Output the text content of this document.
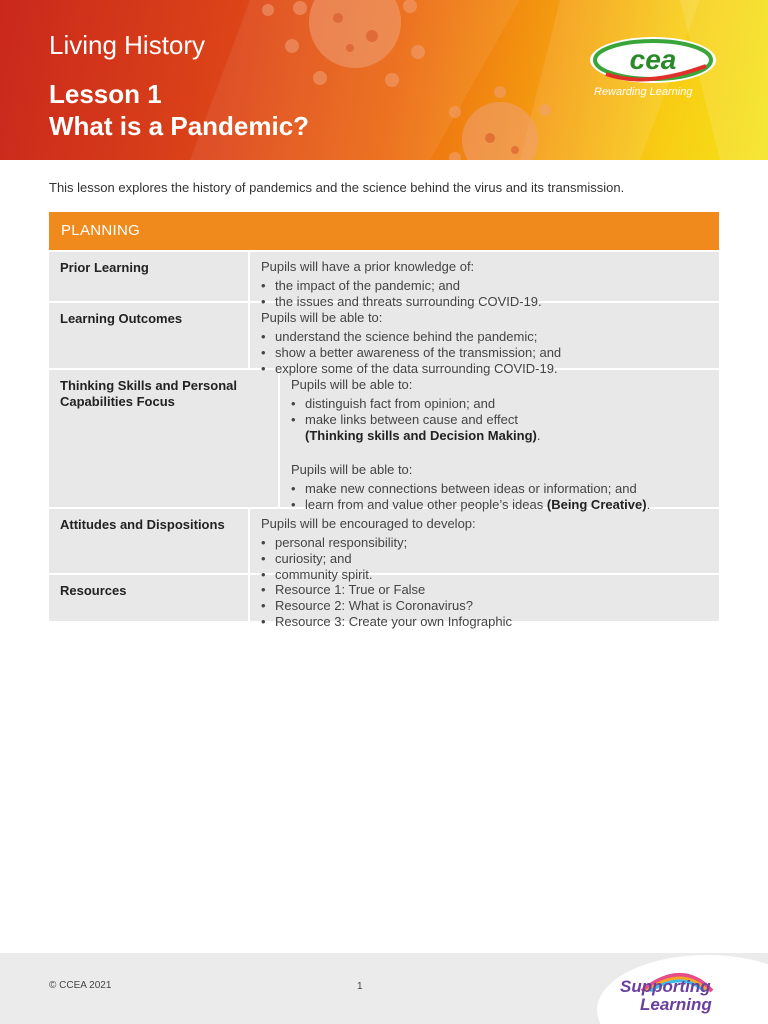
Living History
Lesson 1
What is a Pandemic?
cea
Rewarding Learning
This lesson explores the history of pandemics and the science behind the virus and its transmission.
PLANNING
Prior Learning	Pupils will have a prior knowledge of:
• the impact of the pandemic; and
• the issues and threats surrounding COVID-19.
Learning Outcomes	Pupils will be able to:
• understand the science behind the pandemic;
• show a better awareness of the transmission; and
• explore some of the data surrounding COVID-19.
Thinking Skills and Personal Capabilities Focus
Pupils will be able to:
• distinguish fact from opinion; and
• make links between cause and effect
(Thinking skills and Decision Making).
Pupils will be able to:
• make new connections between ideas or information; and
• learn from and value other people’s ideas (Being Creative).
Attitudes and Dispositions	Pupils will be encouraged to develop:
• personal responsibility;
• curiosity; and
• community spirit.
Resources
•	Resource 1: True or False
• Resource 2: What is Coronavirus?
• Resource 3: Create your own Infographic
© CCEA 2021	1	Supporting
Learning
